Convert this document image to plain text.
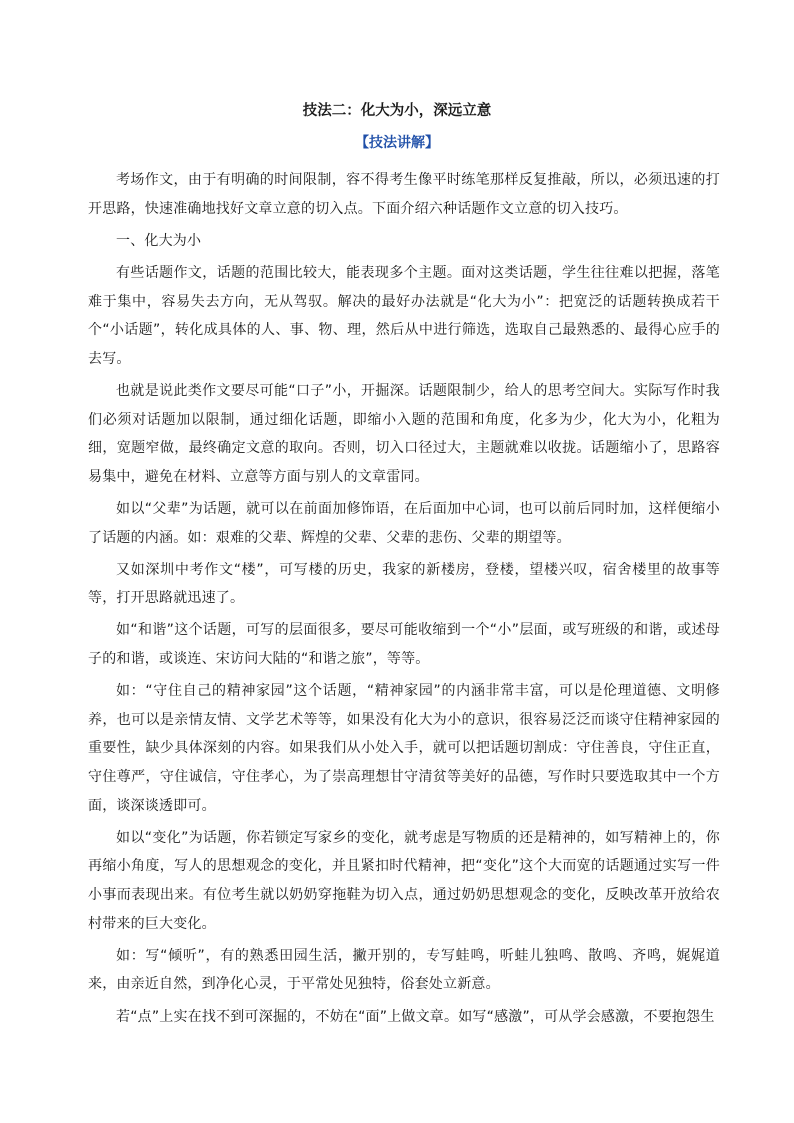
技法二：化大为小，深远立意
【技法讲解】

考场作文，由于有明确的时间限制，容不得考生像平时练笔那样反复推敲，所以，必须迅速的打开思路，快速准确地找好文章立意的切入点。下面介绍六种话题作文立意的切入技巧。

一、化大为小

有些话题作文，话题的范围比较大，能表现多个主题。面对这类话题，学生往往难以把握，落笔难于集中，容易失去方向，无从驾驭。解决的最好办法就是“化大为小”：把宽泛的话题转换成若干个“小话题”，转化成具体的人、事、物、理，然后从中进行筛选，选取自己最熟悉的、最得心应手的去写。

也就是说此类作文要尽可能“口子”小，开掘深。话题限制少，给人的思考空间大。实际写作时我们必须对话题加以限制，通过细化话题，即缩小入题的范围和角度，化多为少，化大为小，化粗为细，宽题窄做，最终确定文意的取向。否则，切入口径过大，主题就难以收拢。话题缩小了，思路容易集中，避免在材料、立意等方面与别人的文章雷同。

如以“父辈”为话题，就可以在前面加修饰语，在后面加中心词，也可以前后同时加，这样便缩小了话题的内涵。如：艰难的父辈、辉煌的父辈、父辈的悲伤、父辈的期望等。

又如深圳中考作文“楼”，可写楼的历史，我家的新楼房，登楼，望楼兴叹，宿舍楼里的故事等等，打开思路就迅速了。

如“和谐”这个话题，可写的层面很多，要尽可能收缩到一个“小”层面，或写班级的和谐，或述母子的和谐，或谈连、宋访问大陆的“和谐之旅”，等等。

如：“守住自己的精神家园”这个话题，“精神家园”的内涵非常丰富，可以是伦理道德、文明修养，也可以是亲情友情、文学艺术等等，如果没有化大为小的意识，很容易泛泛而谈守住精神家园的重要性，缺少具体深刻的内容。如果我们从小处入手，就可以把话题切割成：守住善良，守住正直，守住尊严，守住诚信，守住孝心，为了崇高理想甘守清贫等美好的品德，写作时只要选取其中一个方面，谈深谈透即可。

如以“变化”为话题，你若锁定写家乡的变化，就考虑是写物质的还是精神的，如写精神上的，你再缩小角度，写人的思想观念的变化，并且紧扣时代精神，把“变化”这个大而宽的话题通过实写一件小事而表现出来。有位考生就以奶奶穿拖鞋为切入点，通过奶奶思想观念的变化，反映改革开放给农村带来的巨大变化。

如：写“倾听”，有的熟悉田园生活，撇开别的，专写蛙鸣，听蛙儿独鸣、散鸣、齐鸣，娓娓道来，由亲近自然，到净化心灵，于平常处见独特，俗套处立新意。

若“点”上实在找不到可深掘的，不妨在“面”上做文章。如写“感激”，可从学会感激，不要抱怨生
